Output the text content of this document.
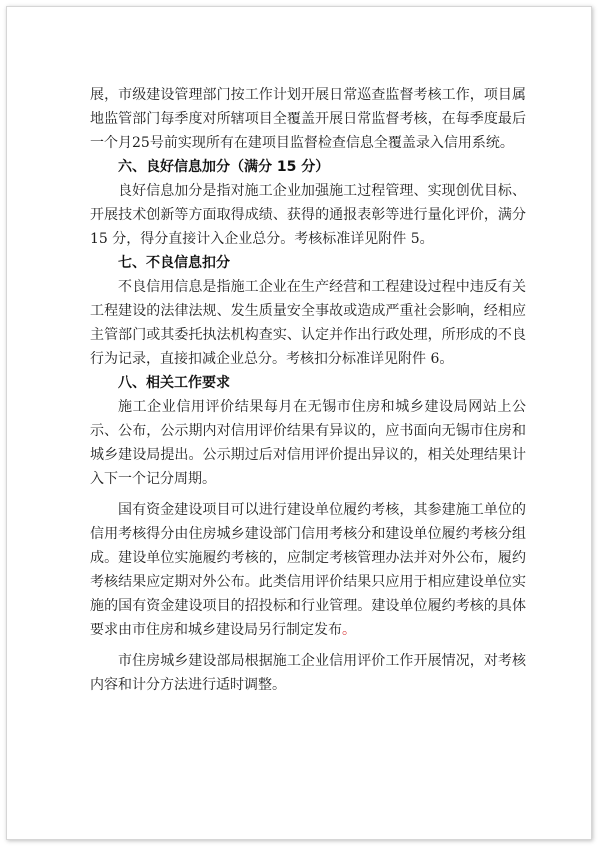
展，市级建设管理部门按工作计划开展日常巡查监督考核工作，项目属地监管部门每季度对所辖项目全覆盖开展日常监督考核，在每季度最后一个月25号前实现所有在建项目监督检查信息全覆盖录入信用系统。

六、良好信息加分（满分 15 分）

良好信息加分是指对施工企业加强施工过程管理、实现创优目标、开展技术创新等方面取得成绩、获得的通报表彰等进行量化评价，满分 15 分，得分直接计入企业总分。考核标准详见附件 5。

七、不良信息扣分

不良信用信息是指施工企业在生产经营和工程建设过程中违反有关工程建设的法律法规、发生质量安全事故或造成严重社会影响，经相应主管部门或其委托执法机构查实、认定并作出行政处理，所形成的不良行为记录，直接扣减企业总分。考核扣分标准详见附件 6。

八、相关工作要求

施工企业信用评价结果每月在无锡市住房和城乡建设局网站上公示、公布，公示期内对信用评价结果有异议的，应书面向无锡市住房和城乡建设局提出。公示期过后对信用评价提出异议的，相关处理结果计入下一个记分周期。

国有资金建设项目可以进行建设单位履约考核，其参建施工单位的信用考核得分由住房城乡建设部门信用考核分和建设单位履约考核分组成。建设单位实施履约考核的，应制定考核管理办法并对外公布，履约考核结果应定期对外公布。此类信用评价结果只应用于相应建设单位实施的国有资金建设项目的招投标和行业管理。建设单位履约考核的具体要求由市住房和城乡建设局另行制定发布。

市住房城乡建设部局根据施工企业信用评价工作开展情况，对考核内容和计分方法进行适时调整。
